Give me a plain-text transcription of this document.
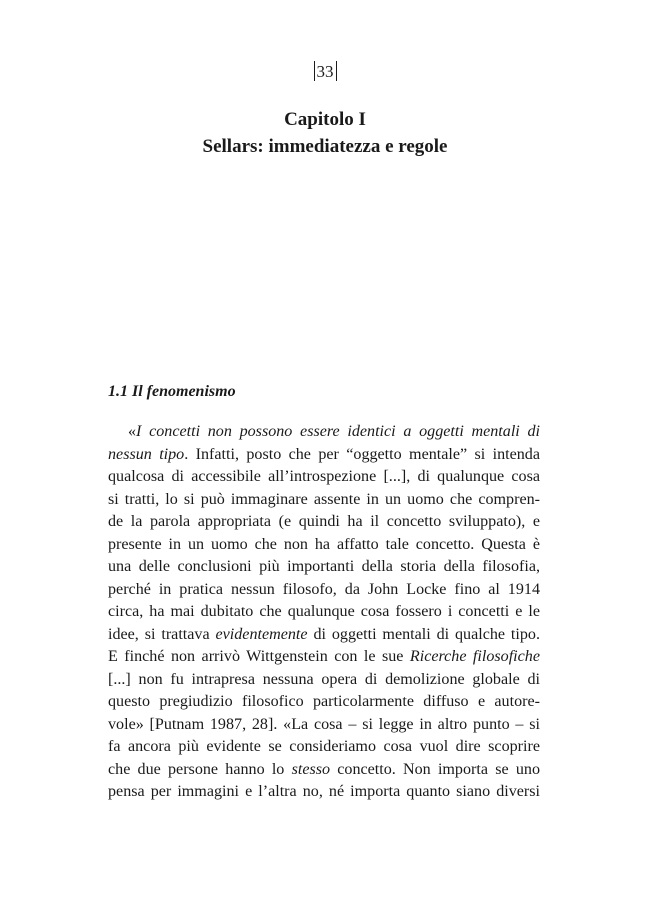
33
Capitolo I
Sellars: immediatezza e regole
1.1 Il fenomenismo
«I concetti non possono essere identici a oggetti mentali di
nessun tipo. Infatti, posto che per “oggetto mentale” si intenda
qualcosa di accessibile all’introspezione [...], di qualunque cosa
si tratti, lo si può immaginare assente in un uomo che compren-
de la parola appropriata (e quindi ha il concetto sviluppato), e
presente in un uomo che non ha affatto tale concetto. Questa è
una delle conclusioni più importanti della storia della filosofia,
perché in pratica nessun filosofo, da John Locke fino al 1914
circa, ha mai dubitato che qualunque cosa fossero i concetti e le
idee, si trattava evidentemente di oggetti mentali di qualche tipo.
E finché non arrivò Wittgenstein con le sue Ricerche filosofiche
[...] non fu intrapresa nessuna opera di demolizione globale di
questo pregiudizio filosofico particolarmente diffuso e autore-
vole» [Putnam 1987, 28]. «La cosa – si legge in altro punto – si
fa ancora più evidente se consideriamo cosa vuol dire scoprire
che due persone hanno lo stesso concetto. Non importa se uno
pensa per immagini e l’altra no, né importa quanto siano diversi
